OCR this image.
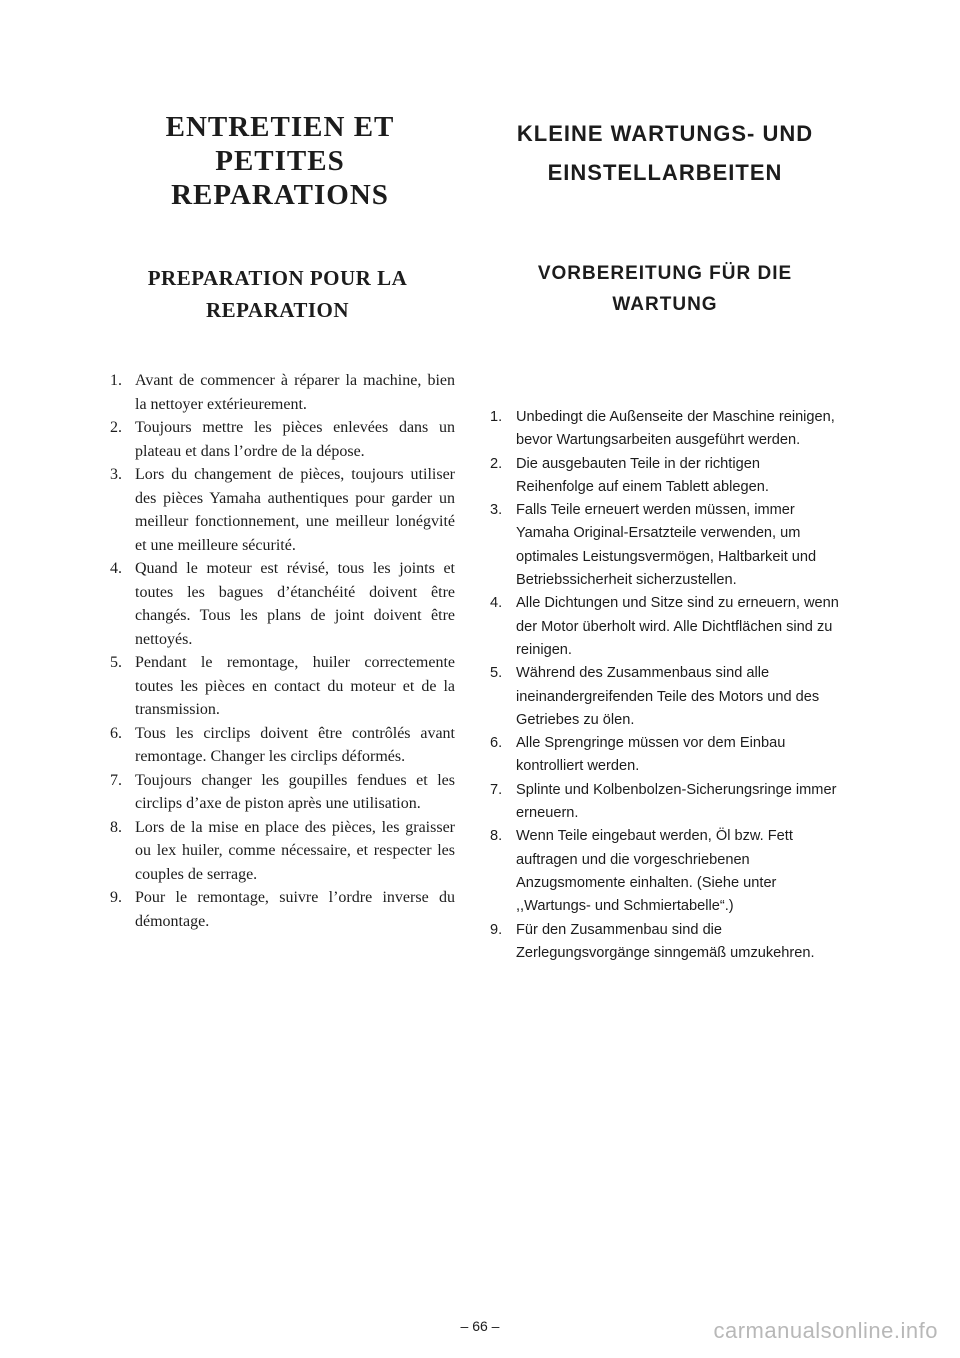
ENTRETIEN ET
PETITES
REPARATIONS
PREPARATION POUR LA
REPARATION
1. Avant de commencer à réparer la machine, bien la nettoyer extérieurement.
2. Toujours mettre les pièces enlevées dans un plateau et dans l’ordre de la dépose.
3. Lors du changement de pièces, toujours utiliser des pièces Yamaha authentiques pour garder un meilleur fonctionnement, une meilleur lonégvité et une meilleure sécurité.
4. Quand le moteur est révisé, tous les joints et toutes les bagues d’étanchéité doivent être changés. Tous les plans de joint doivent être nettoyés.
5. Pendant le remontage, huiler correctemente toutes les pièces en contact du moteur et de la transmission.
6. Tous les circlips doivent être contrôlés avant remontage. Changer les circlips déformés.
7. Toujours changer les goupilles fendues et les circlips d’axe de piston après une utilisation.
8. Lors de la mise en place des pièces, les graisser ou lex huiler, comme nécessaire, et respecter les couples de serrage.
9. Pour le remontage, suivre l’ordre inverse du démontage.
KLEINE WARTUNGS- UND
EINSTELLARBEITEN
VORBEREITUNG FÜR DIE
WARTUNG
1. Unbedingt die Außenseite der Maschine reinigen, bevor Wartungsarbeiten ausgeführt werden.
2. Die ausgebauten Teile in der richtigen Reihenfolge auf einem Tablett ablegen.
3. Falls Teile erneuert werden müssen, immer Yamaha Original-Ersatzteile verwenden, um optimales Leistungsvermögen, Haltbarkeit und Betriebssicherheit sicherzustellen.
4. Alle Dichtungen und Sitze sind zu erneuern, wenn der Motor überholt wird. Alle Dichtflächen sind zu reinigen.
5. Während des Zusammenbaus sind alle ineinandergreifenden Teile des Motors und des Getriebes zu ölen.
6. Alle Sprengringe müssen vor dem Einbau kontrolliert werden.
7. Splinte und Kolbenbolzen-Sicherungsringe immer erneuern.
8. Wenn Teile eingebaut werden, Öl bzw. Fett auftragen und die vorgeschriebenen Anzugsmomente einhalten. (Siehe unter ,,Wartungs- und Schmiertabelle“.)
9. Für den Zusammenbau sind die Zerlegungsvorgänge sinngemäß umzukehren.
– 66 –	carmanualsonline.info
